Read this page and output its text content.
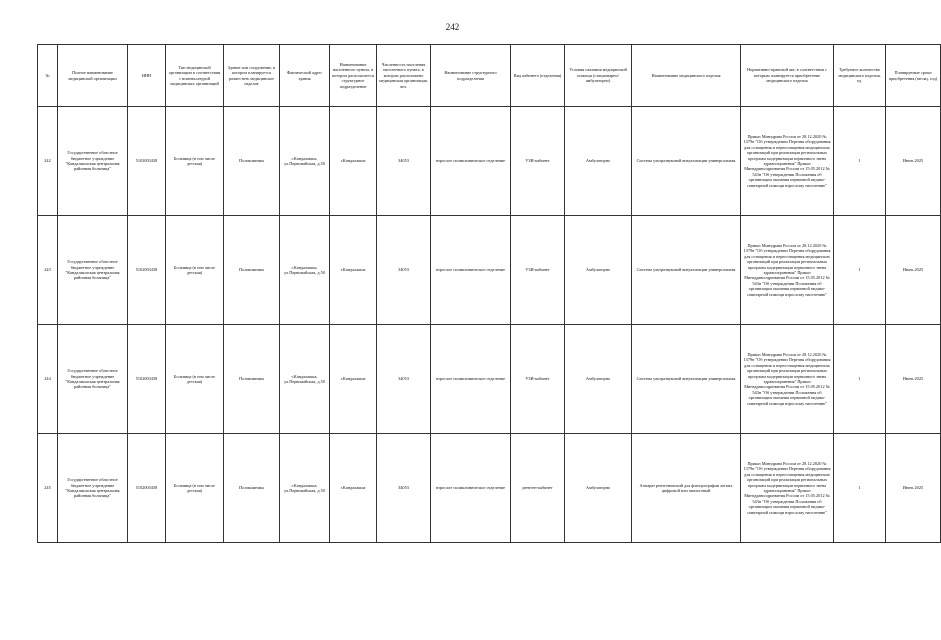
242
№	Полное наименование медицинской организации	ИНН	Тип медицинской организации в соответствии с номенклатурой медицинских организаций	Здание или сооружение, в котором планируется разместить медицинское изделие	Фактический адрес здания	Наименование населенного пункта, в котором располагается структурное подразделение	Численность населения населенного пункта, в котором расположено медицинская организация, чел.	Наименование структурного подразделения	Вид кабинета (отделения)	Условия оказания медицинской помощи (стационарно/ амбулаторно)	Наименование медицинского изделия	Нормативно-правовой акт, в соответствии с которым планируется приобретение медицинского изделия	Требуемое количество медицинского изделия, ед.	Планируемые сроки приобретения (месяц, год)
242	Государственное областное бюджетное учреждение "Кандалакшская центральная районная больница"	5102003438	Больница (в том числе детская)	Поликлиника	г.Кандалакша, ул.Первомайская, д.50	г.Кандалакша	34053	взрослое поликлиническое отделение	УЗИ-кабинет	Амбулаторно	Система ультразвуковой визуализации универсальная	Приказ Минздрава России от 28.12.2020 № 1379н "Об утверждении Перечня оборудования для оснащения и переоснащения медицинских организаций при реализации региональных программ модернизации первичного звена здравоохранения" Приказ Минздравсоцразвития России от 15.05.2012 № 543н "Об утверждении Положения об организации оказания первичной медико-санитарной помощи взрослому населению"	1	Июнь 2025
243	Государственное областное бюджетное учреждение "Кандалакшская центральная районная больница"	5102003438	Больница (в том числе детская)	Поликлиника	г.Кандалакша, ул.Первомайская, д.50	г.Кандалакша	34053	взрослое поликлиническое отделение	УЗИ-кабинет	Амбулаторно	Система ультразвуковой визуализации универсальная	Приказ Минздрава России от 28.12.2020 № 1379н "Об утверждении Перечня оборудования для оснащения и переоснащения медицинских организаций при реализации региональных программ модернизации первичного звена здравоохранения" Приказ Минздравсоцразвития России от 15.05.2012 № 543н "Об утверждении Положения об организации оказания первичной медико-санитарной помощи взрослому населению"	1	Июнь 2025
244	Государственное областное бюджетное учреждение "Кандалакшская центральная районная больница"	5102003438	Больница (в том числе детская)	Поликлиника	г.Кандалакша, ул.Первомайская, д.50	г.Кандалакша	34053	взрослое поликлиническое отделение	УЗИ-кабинет	Амбулаторно	Система ультразвуковой визуализации универсальная	Приказ Минздрава России от 28.12.2020 № 1379н "Об утверждении Перечня оборудования для оснащения и переоснащения медицинских организаций при реализации региональных программ модернизации первичного звена здравоохранения" Приказ Минздравсоцразвития России от 15.05.2012 № 543н "Об утверждении Положения об организации оказания первичной медико-санитарной помощи взрослому населению"	1	Июнь 2025
245	Государственное областное бюджетное учреждение "Кандалакшская центральная районная больница"	5102003438	Больница (в том числе детская)	Поликлиника	г.Кандалакша, ул.Первомайская, д.50	г.Кандалакша	34053	взрослое поликлиническое отделение	рентген-кабинет	Амбулаторно	Аппарат рентгеновский для флюорографии легких цифровой или аналоговый	Приказ Минздрава России от 28.12.2020 № 1379н "Об утверждении Перечня оборудования для оснащения и переоснащения медицинских организаций при реализации региональных программ модернизации первичного звена здравоохранения" Приказ Минздравсоцразвития России от 15.05.2012 № 543н "Об утверждении Положения об организации оказания первичной медико-санитарной помощи взрослому населению"	1	Июнь 2025
